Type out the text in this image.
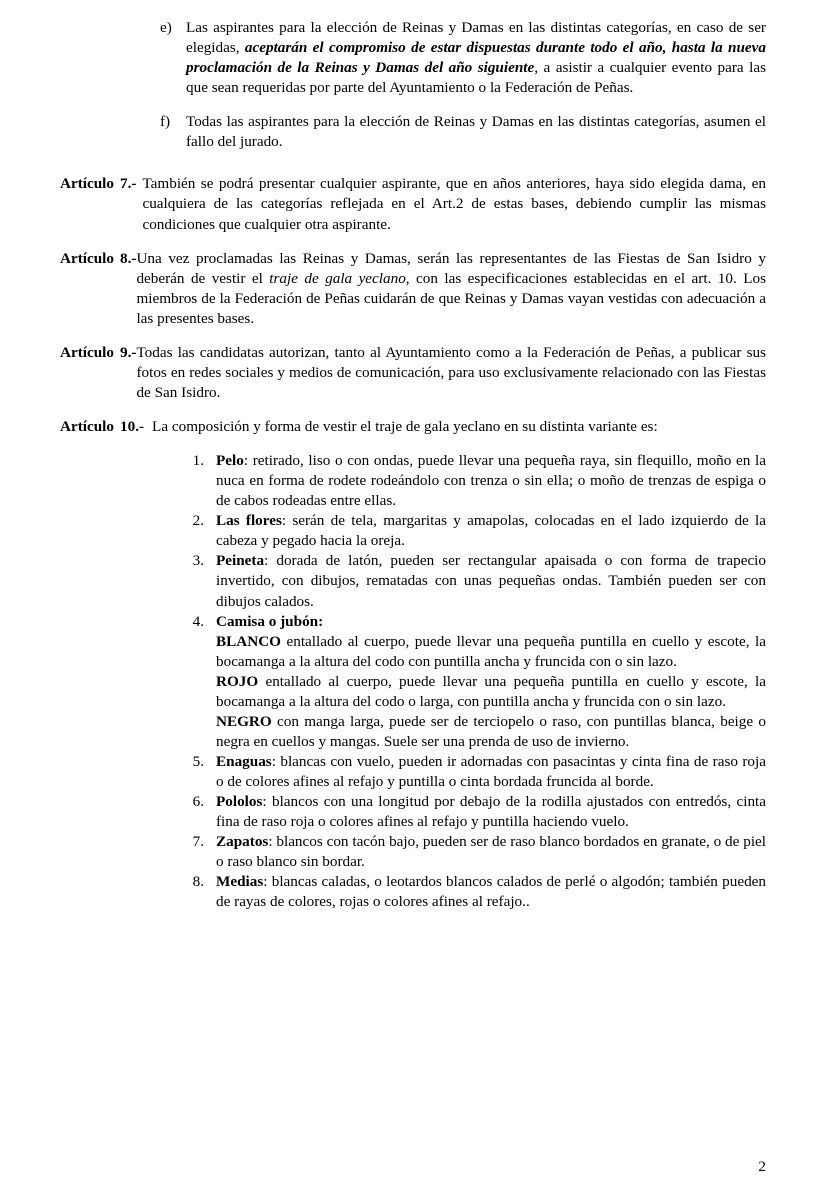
e) Las aspirantes para la elección de Reinas y Damas en las distintas categorías, en caso de ser elegidas, aceptarán el compromiso de estar dispuestas durante todo el año, hasta la nueva proclamación de la Reinas y Damas del año siguiente, a asistir a cualquier evento para las que sean requeridas por parte del Ayuntamiento o la Federación de Peñas.
f)	Todas las aspirantes para la elección de Reinas y Damas en las distintas categorías, asumen el fallo del jurado.
Artículo 7.- También se podrá presentar cualquier aspirante, que en años anteriores, haya sido elegida dama, en cualquiera de las categorías reflejada en el Art.2 de estas bases, debiendo cumplir las mismas condiciones que cualquier otra aspirante.
Artículo 8.- Una vez proclamadas las Reinas y Damas, serán las representantes de las Fiestas de San Isidro y deberán de vestir el traje de gala yeclano, con las especificaciones establecidas en el art. 10. Los miembros de la Federación de Peñas cuidarán de que Reinas y Damas vayan vestidas con adecuación a las presentes bases.
Artículo 9.- Todas las candidatas autorizan, tanto al Ayuntamiento como a la Federación de Peñas, a publicar sus fotos en redes sociales y medios de comunicación, para uso exclusivamente relacionado con las Fiestas de San Isidro.
Artículo 10.- La composición y forma de vestir el traje de gala yeclano en su distinta variante es:
1. Pelo: retirado, liso o con ondas, puede llevar una pequeña raya, sin flequillo, moño en la nuca en forma de rodete rodeándolo con trenza o sin ella; o moño de trenzas de espiga o de cabos rodeadas entre ellas.
2. Las flores: serán de tela, margaritas y amapolas, colocadas en el lado izquierdo de la cabeza y pegado hacia la oreja.
3. Peineta: dorada de latón, pueden ser rectangular apaisada o con forma de trapecio invertido, con dibujos, rematadas con unas pequeñas ondas. También pueden ser con dibujos calados.
4. Camisa o jubón:

BLANCO entallado al cuerpo, puede llevar una pequeña puntilla en cuello y escote, la bocamanga a la altura del codo con puntilla ancha y fruncida con o sin lazo.

ROJO entallado al cuerpo, puede llevar una pequeña puntilla en cuello y escote, la bocamanga a la altura del codo o larga, con puntilla ancha y fruncida con o sin lazo.

NEGRO con manga larga, puede ser de terciopelo o raso, con puntillas blanca, beige o negra en cuellos y mangas. Suele ser una prenda de uso de invierno.

5. Enaguas: blancas con vuelo, pueden ir adornadas con pasacintas y cinta fina de raso roja o de colores afines al refajo y puntilla o cinta bordada fruncida al borde.
6. Pololos: blancos con una longitud por debajo de la rodilla ajustados con entredós, cinta fina de raso roja o colores afines al refajo y puntilla haciendo vuelo.
7. Zapatos: blancos con tacón bajo, pueden ser de raso blanco bordados en granate, o de piel o raso blanco sin bordar.
8. Medias: blancas caladas, o leotardos blancos calados de perlé o algodón; también pueden de rayas de colores, rojas o colores afines al refajo..
2
